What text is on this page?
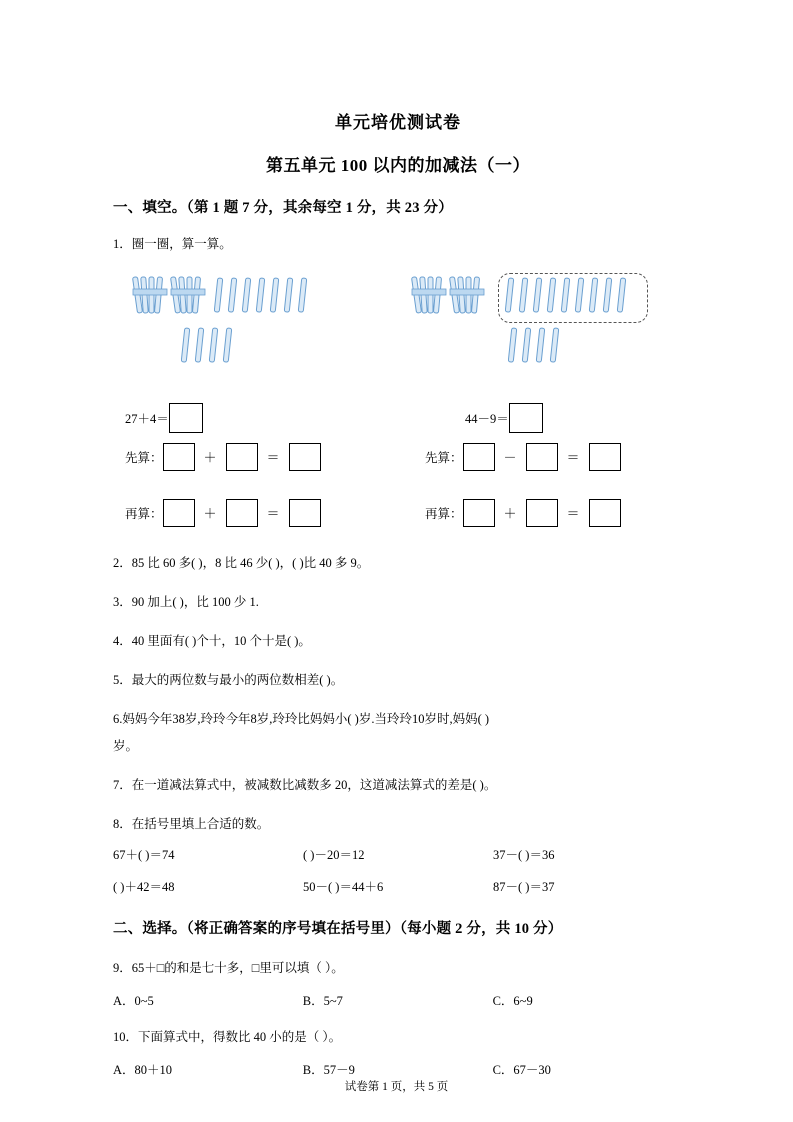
单元培优测试卷
第五单元 100 以内的加减法（一）
一、填空。（第 1 题 7 分，其余每空 1 分，共 23 分）
1．圈一圈，算一算。
27＋4＝	44－9＝
先算：	＋	＝	先算：	－	＝
再算：	＋	＝	再算：	＋	＝
2．85 比 60 多( )，8 比 46 少( )，( )比 40 多 9。
3．90 加上( )，比 100 少 1.
4．40 里面有( )个十，10 个十是( )。
5．最大的两位数与最小的两位数相差( )。
6.妈妈今年38岁,玲玲今年8岁,玲玲比妈妈小( )岁.当玲玲10岁时,妈妈( )
岁。
7．在一道减法算式中，被减数比减数多 20，这道减法算式的差是( )。
8．在括号里填上合适的数。
67＋( )＝74	( )－20＝12	37－( )＝36
( )＋42＝48	50－( )＝44＋6	87－( )＝37
二、选择。（将正确答案的序号填在括号里）（每小题 2 分，共 10 分）
9．65＋□的和是七十多，□里可以填（ ）。
A．0~5	B．5~7	C．6~9
10．下面算式中，得数比 40 小的是（ ）。
A．80＋10	B．57－9	C．67－30
试卷第 1 页，共 5 页
